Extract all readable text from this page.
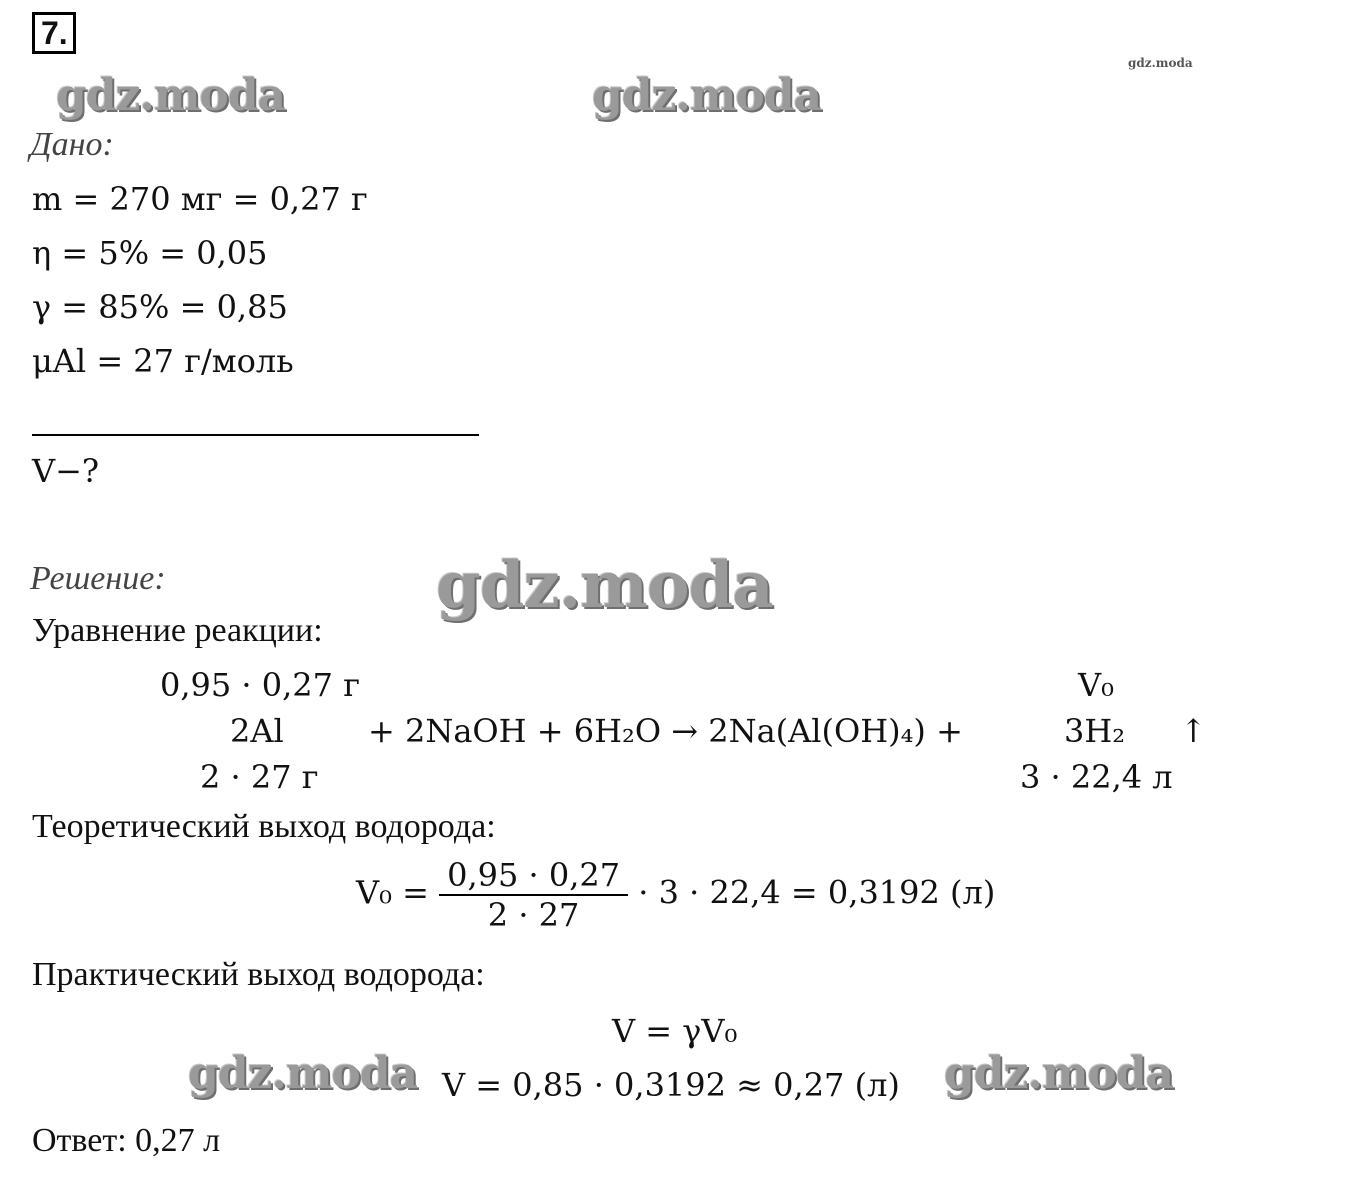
7.
gdz.moda
gdz.moda	gdz.moda
gdz.moda
gdz.moda	gdz.moda
Дано:
m = 270 мг = 0,27 г
η = 5% = 0,05
γ = 85% = 0,85
μAl = 27 г/моль
V−?
Решение:
Уравнение реакции:
0,95 · 0,27 г
2Al
2 · 27 г
+ 2NaOH + 6H₂O → 2Na(Al(OH)₄) +
V₀
3H₂ ↑
3 · 22,4 л
Теоретический выход водорода:
$V_0 = \frac{0,95 \cdot 0,27}{2 \cdot 27} \cdot 3 \cdot 22,4 = 0,3192$ (л)
Практический выход водорода:
V = γV₀
V = 0,85 · 0,3192 ≈ 0,27 (л)
Ответ: 0,27 л
